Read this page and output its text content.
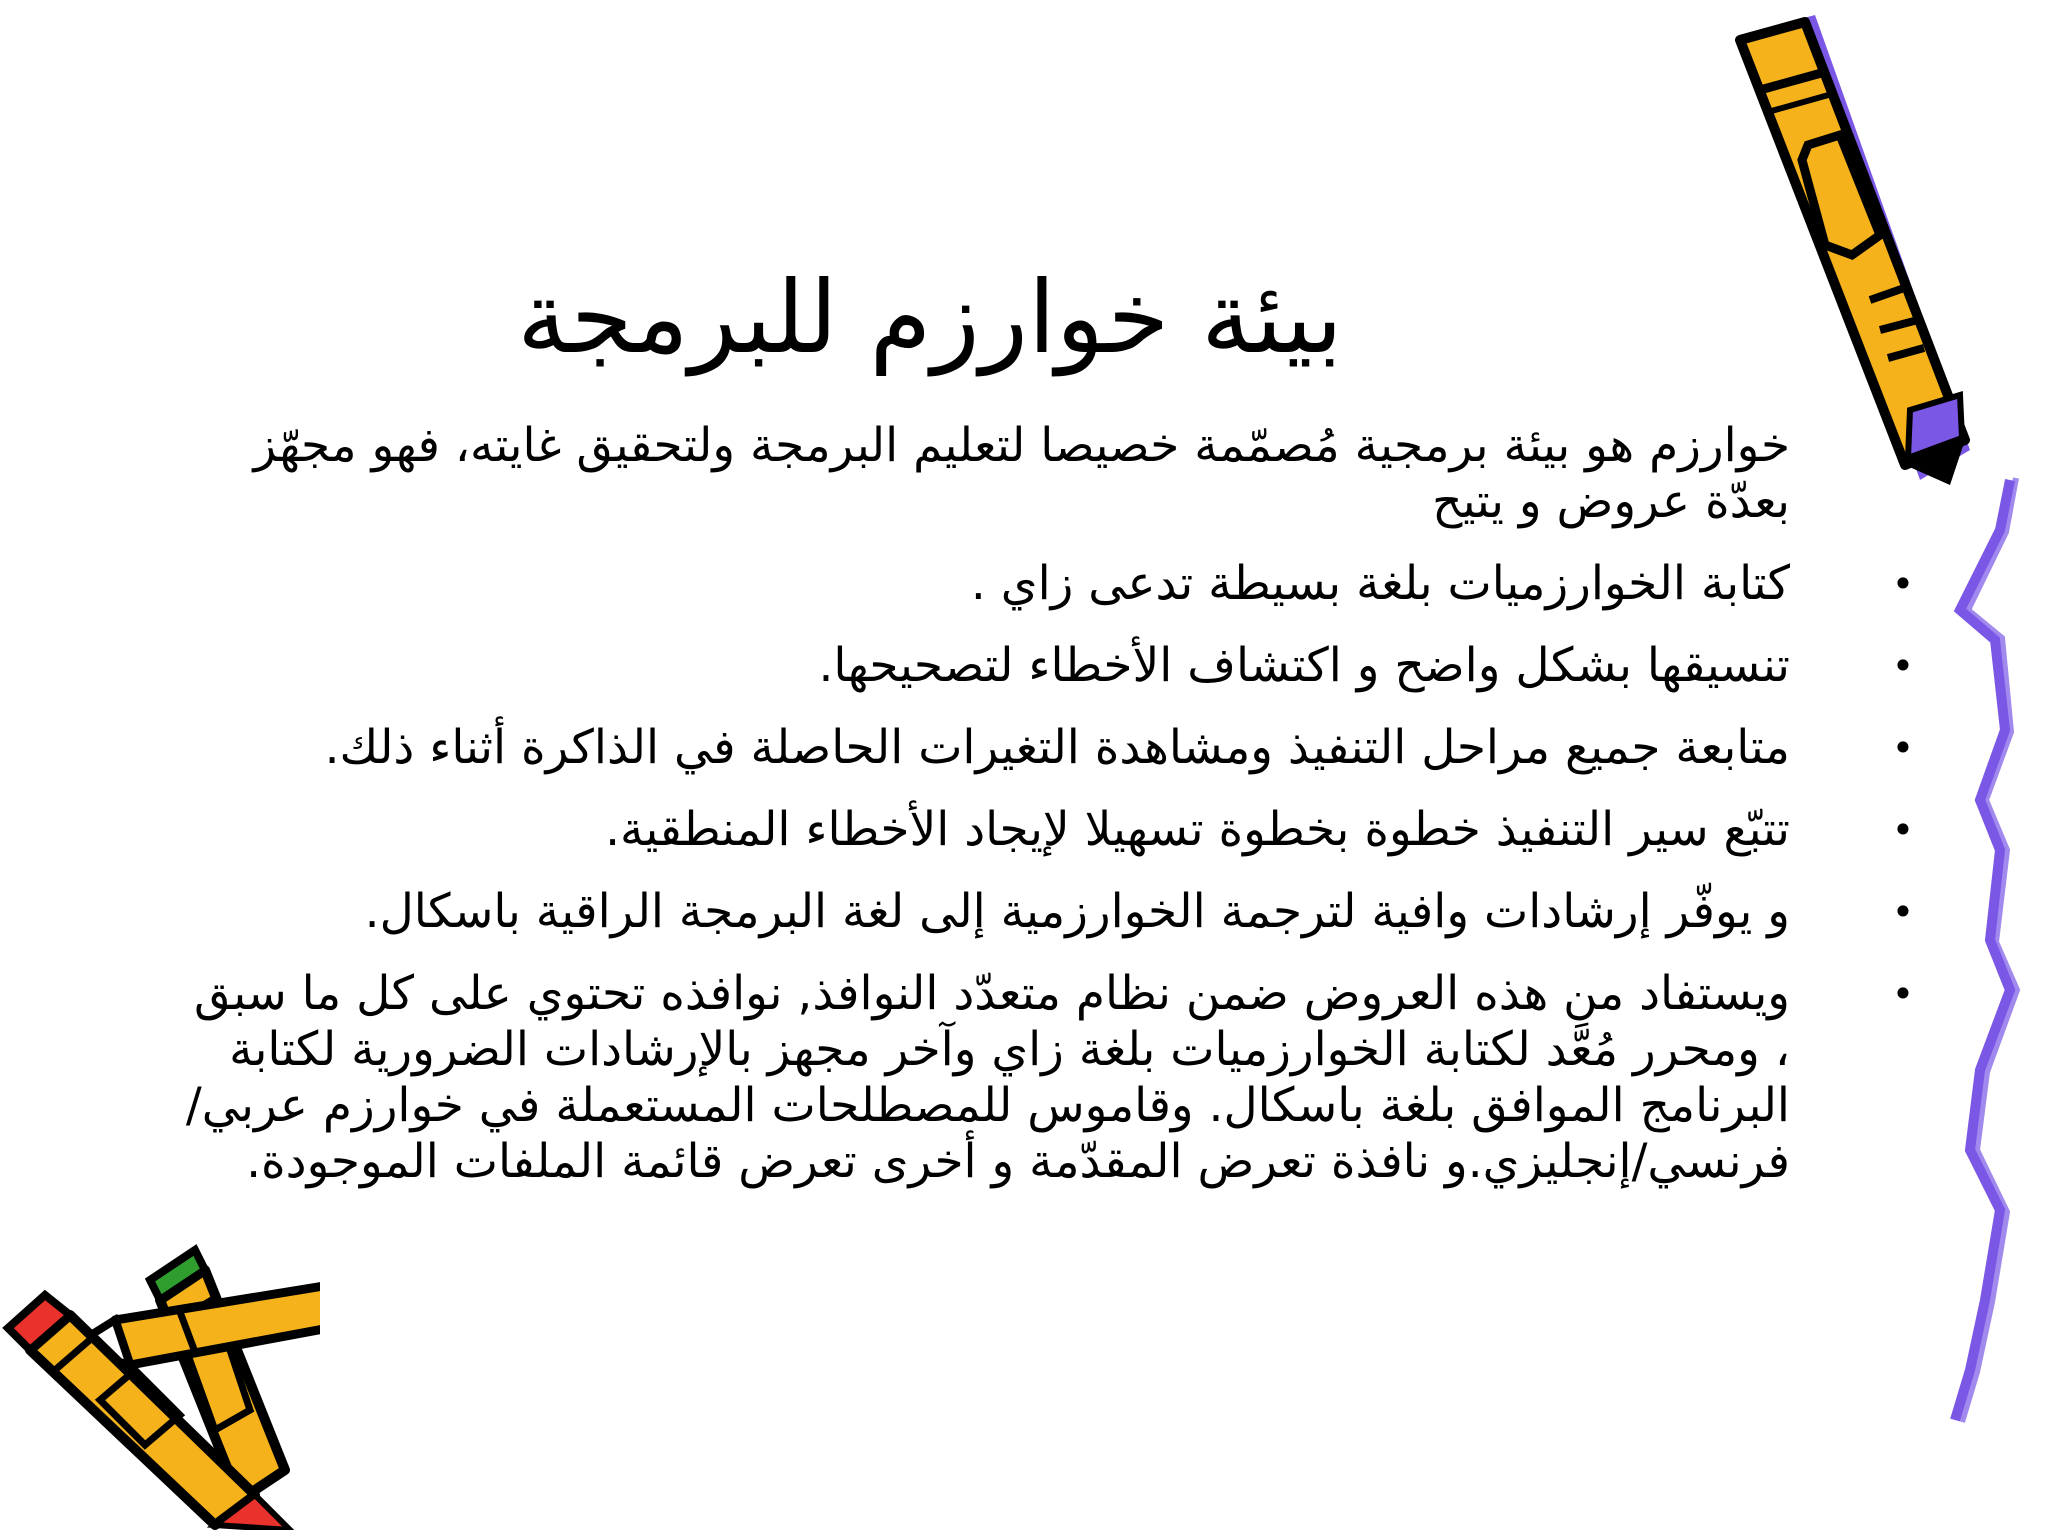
بيئة خوارزم للبرمجة
خوارزم هو بيئة برمجية مُصمّمة خصيصا لتعليم البرمجة ولتحقيق غايته، فهو مجهّز بعدّة عروض و يتيح
•
كتابة الخوارزميات بلغة بسيطة تدعى زاي .
•
تنسيقها بشكل واضح و اكتشاف الأخطاء لتصحيحها.
•
متابعة جميع مراحل التنفيذ ومشاهدة التغيرات الحاصلة في الذاكرة أثناء ذلك.
•
تتبّع سير التنفيذ خطوة بخطوة تسهيلا لإيجاد الأخطاء المنطقية.
•
و يوفّر إرشادات وافية لترجمة الخوارزمية إلى لغة البرمجة الراقية باسكال.
•
ويستفاد من هذه العروض ضمن نظام متعدّد النوافذ, نوافذه تحتوي على كل ما سبق ، ومحرر مُعَّد لكتابة الخوارزميات بلغة زاي وآخر مجهز بالإرشادات الضرورية لكتابة البرنامج الموافق بلغة باسكال. وقاموس للمصطلحات المستعملة في خوارزم عربي/فرنسي/إنجليزي.و نافذة تعرض المقدّمة و أخرى تعرض قائمة الملفات الموجودة.
